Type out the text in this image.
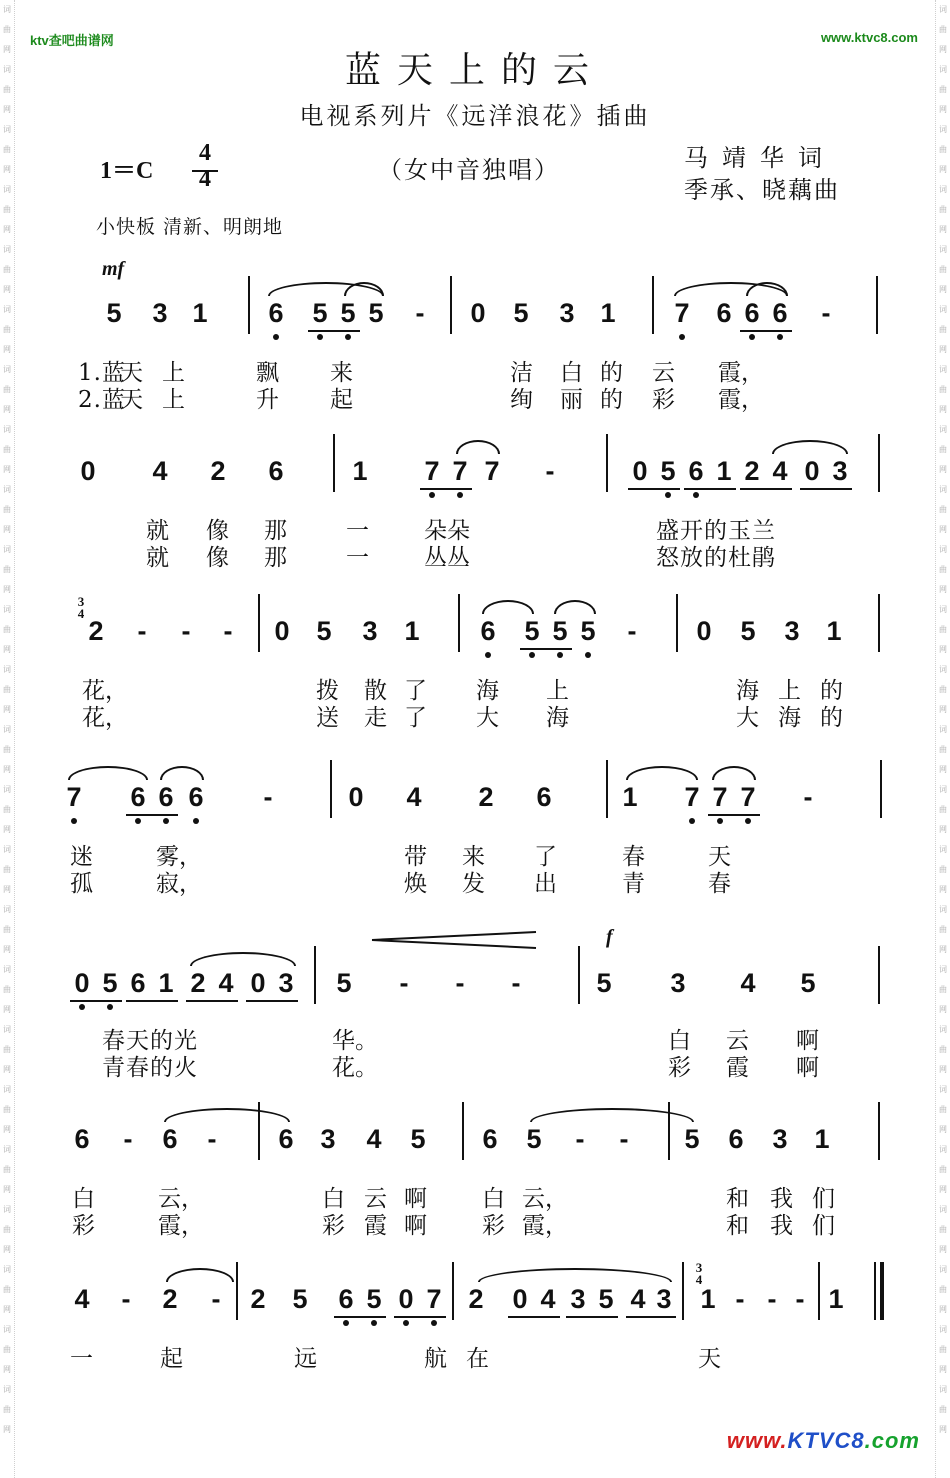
词
曲
网
词
曲
网
词
曲
网
词
曲
网
词
曲
网
词
曲
网
词
曲
网
词
曲
网
词
曲
网
词
曲
网
词
曲
网
词
曲
网
词
曲
网
词
曲
网
词
曲
网
词
曲
网
词
曲
网
词
曲
网
词
曲
网
词
曲
网
词
曲
网
词
曲
网
词
曲
网
词
曲
网
词
曲
网
词
曲
网
词
曲
网
词
曲
网
词
曲
网
词
曲
网
词
曲
网
词
曲
网
词
曲
网
词
曲
网
词
曲
网
词
曲
网
词
曲
网
词
曲
网
词
曲
网
词
曲
网
词
曲
网
词
曲
网
词
曲
网
词
曲
网
词
曲
网
词
曲
网
词
曲
网
词
曲
网
ktv查吧曲谱网	www.ktvc8.com
www.KTVC8.com
蓝天上的云
电视系列片《远洋浪花》插曲
1＝C
4
4	（女中音独唱）	马靖华词
季承、晓藕曲
小快板 清新、明朗地
mf
f
5 3 1 6 5 5 5	-	0 5 3 1 7 6 6 6	-
1.蓝
天 上	飘 来	洁 白 的 云 霞，
2.蓝
天 上	升 起	绚 丽 的 彩 霞，
0 4 2 6	1 7 7 7	-	0 5 6 1 2 4 0 3
就 像 那	一 朵朵	盛开的玉兰
就 像 那	一 丛丛	怒放的杜鹃
2	-	-	-	0 5 3 1 6 5 5 5	-	0 5 3 1
3
4
花，	拨 散 了 海 上	海 上 的
花，	送 走 了 大 海	大 海 的
7 6 6 6	-	0 4 2 6	1 7 7 7	-
迷	雾，	带 来 了	春	天
孤	寂，	焕 发 出	青	春
0 5 6 1 2 4 0 3 5	-	-	-	5 3 4 5
春天的光	华。	白 云 啊
青春的火	花。	彩 霞 啊
6	-	6	-	6 3 4 5 6 5	-	-	5 6 3 1
白	云，	白 云 啊 白 云，	和 我 们
彩	霞，	彩 霞 啊 彩 霞，	和 我 们
4	-	2	-	2 5 6 5 0 7 2 0 4 3 5 4 3 1 - - - 1
3
4
一	起	远	航 在	天
